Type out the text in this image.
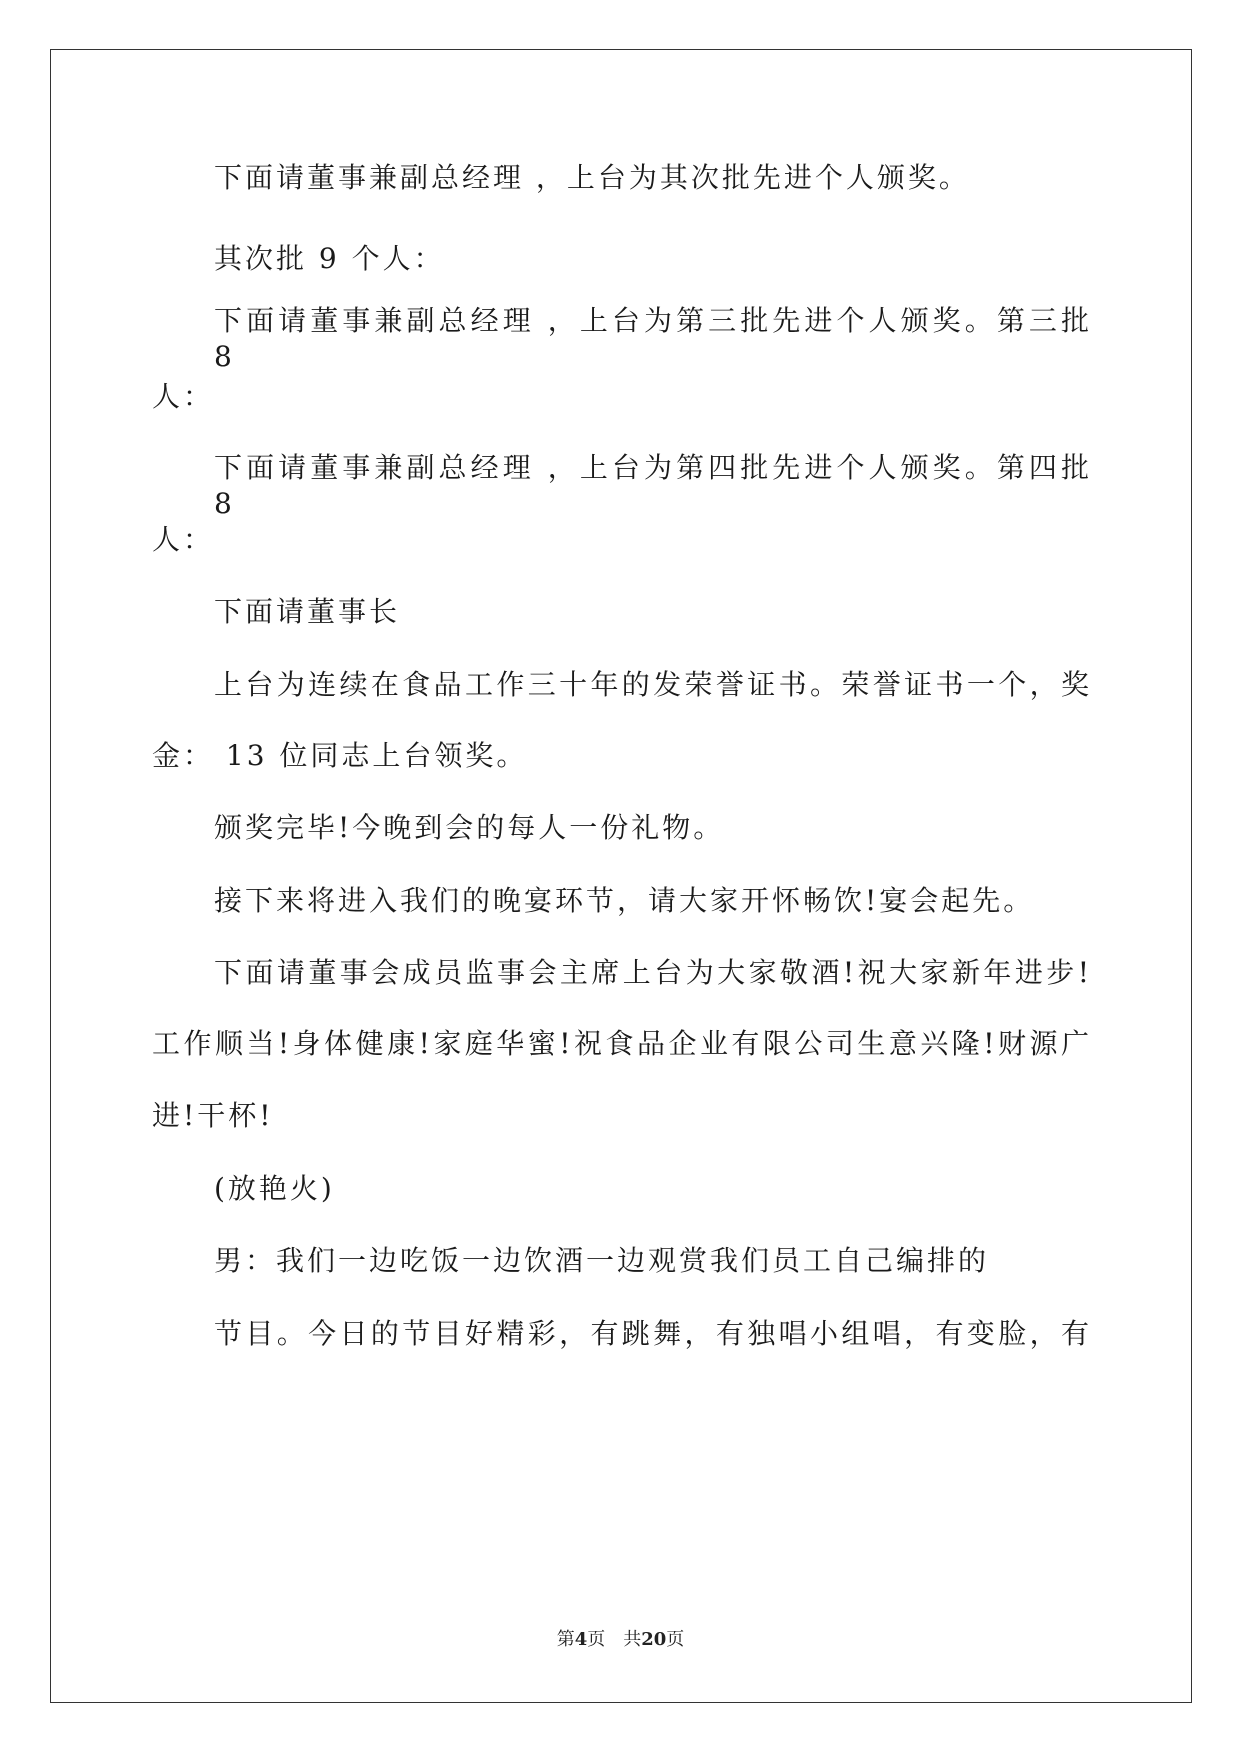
下面请董事兼副总经理 ，上台为其次批先进个人颁奖。
其次批 9 个人：
下面请董事兼副总经理 ，上台为第三批先进个人颁奖。第三批 8
人：
下面请董事兼副总经理 ，上台为第四批先进个人颁奖。第四批 8
人：
下面请董事长
上台为连续在食品工作三十年的发荣誉证书。荣誉证书一个，奖
金： 13 位同志上台领奖。
颁奖完毕!今晚到会的每人一份礼物。
接下来将进入我们的晚宴环节，请大家开怀畅饮!宴会起先。
下面请董事会成员监事会主席上台为大家敬酒!祝大家新年进步!
工作顺当!身体健康!家庭华蜜!祝食品企业有限公司生意兴隆!财源广
进!干杯!
(放艳火)
男：我们一边吃饭一边饮酒一边观赏我们员工自己编排的
节目。今日的节目好精彩，有跳舞，有独唱小组唱，有变脸，有
第4页 共20页
